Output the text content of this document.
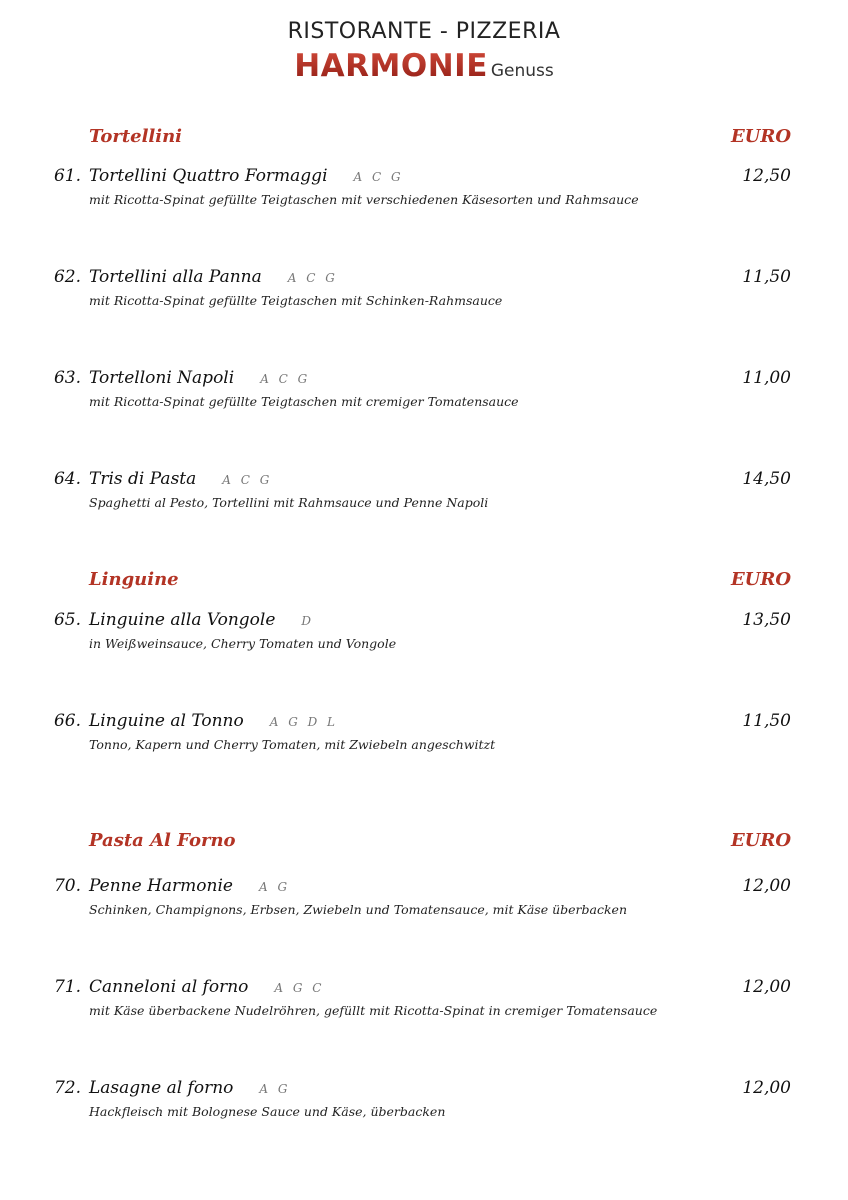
RISTORANTE - PIZZERIA
HARMONIE Genuss
Tortellini	EURO
61. Tortellini Quattro Formaggi A C G	12,50
mit Ricotta-Spinat gefüllte Teigtaschen mit verschiedenen Käsesorten und Rahmsauce
62. Tortellini alla Panna A C G	11,50
mit Ricotta-Spinat gefüllte Teigtaschen mit Schinken-Rahmsauce
63. Tortelloni Napoli A C G	11,00
mit Ricotta-Spinat gefüllte Teigtaschen mit cremiger Tomatensauce
64. Tris di Pasta A C G	14,50
Spaghetti al Pesto, Tortellini mit Rahmsauce und Penne Napoli
Linguine	EURO
65. Linguine alla Vongole D	13,50
in Weißweinsauce, Cherry Tomaten und Vongole
66. Linguine al Tonno A G D L	11,50
Tonno, Kapern und Cherry Tomaten, mit Zwiebeln angeschwitzt
Pasta Al Forno	EURO
70. Penne Harmonie A G	12,00
Schinken, Champignons, Erbsen, Zwiebeln und Tomatensauce, mit Käse überbacken
71. Canneloni al forno A G C	12,00
mit Käse überbackene Nudelröhren, gefüllt mit Ricotta-Spinat in cremiger Tomatensauce
72. Lasagne al forno A G	12,00
Hackfleisch mit Bolognese Sauce und Käse, überbacken
